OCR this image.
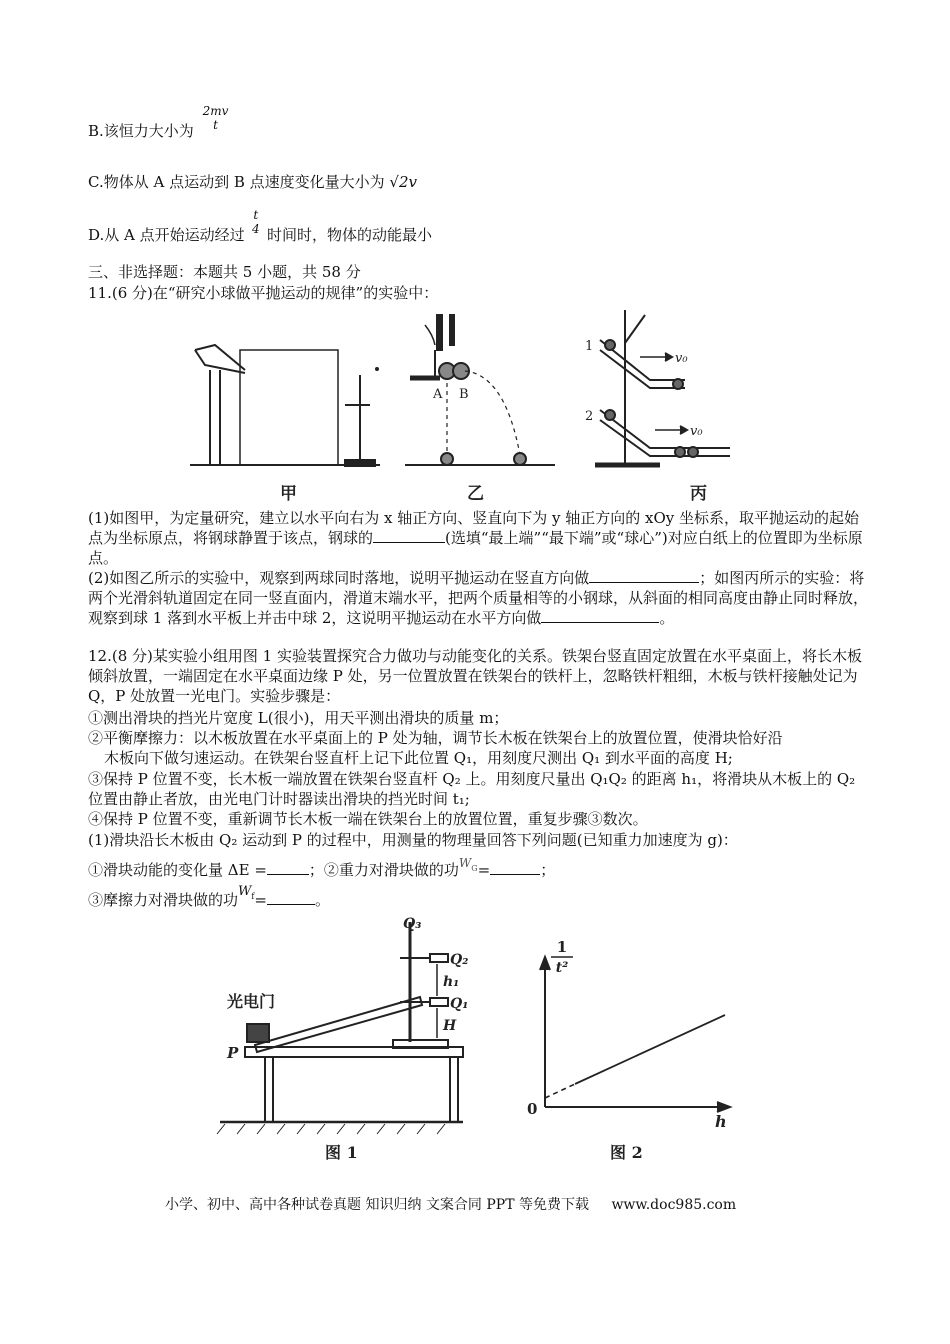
B.该恒力大小为
2mv
t
C.物体从 A 点运动到 B 点速度变化量大小为 √2v
D.从 A 点开始运动经过
t
4 时间时，物体的动能最小
三、非选择题：本题共 5 小题，共 58 分
11.(6 分)在“研究小球做平抛运动的规律”的实验中：
A B
1
2
v₀
v₀
甲	乙	丙
(1)如图甲，为定量研究，建立以水平向右为 x 轴正方向、竖直向下为 y 轴正方向的 xOy 坐标系，取平抛运动的起始点为坐标原点，将钢球静置于该点，钢球的	(选填“最上端”“最下端”或“球心”)对应白纸上的位置即为坐标原点。
(2)如图乙所示的实验中，观察到两球同时落地，说明平抛运动在竖直方向做	；如图丙所示的实验：将两个光滑斜轨道固定在同一竖直面内，滑道末端水平，把两个质量相等的小钢球，从斜面的相同高度由静止同时释放，观察到球 1 落到水平板上并击中球 2，这说明平抛运动在水平方向做	。
12.(8 分)某实验小组用图 1 实验装置探究合力做功与动能变化的关系。铁架台竖直固定放置在水平桌面上，将长木板倾斜放置，一端固定在水平桌面边缘 P 处，另一位置放置在铁架台的铁杆上，忽略铁杆粗细，木板与铁杆接触处记为 Q，P 处放置一光电门。实验步骤是：
①测出滑块的挡光片宽度 L(很小)，用天平测出滑块的质量 m；
②平衡摩擦力：以木板放置在水平桌面上的 P 处为轴，调节长木板在铁架台上的放置位置，使滑块恰好沿
木板向下做匀速运动。在铁架台竖直杆上记下此位置 Q₁，用刻度尺测出 Q₁ 到水平面的高度 H;
③保持 P 位置不变，长木板一端放置在铁架台竖直杆 Q₂ 上。用刻度尺量出 Q₁Q₂ 的距离 h₁，将滑块从木板上的 Q₂ 位置由静止者放，由光电门计时器读出滑块的挡光时间 t₁;
④保持 P 位置不变，重新调节长木板一端在铁架台上的放置位置，重复步骤③数次。
(1)滑块沿长木板由 Q₂ 运动到 P 的过程中，用测量的物理量回答下列问题(已知重力加速度为 g)：
①滑块动能的变化量 ΔE =	；②重力对滑块做的功$^W_G$=	；
③摩擦力对滑块做的功$W_f=$	。
Q₃
Q₂
Q₁
h₁
H
光电门
P
图 1
1
t²
0
h
图 2
小学、初中、高中各种试卷真题 知识归纳 文案合同 PPT 等免费下载 www.doc985.com
